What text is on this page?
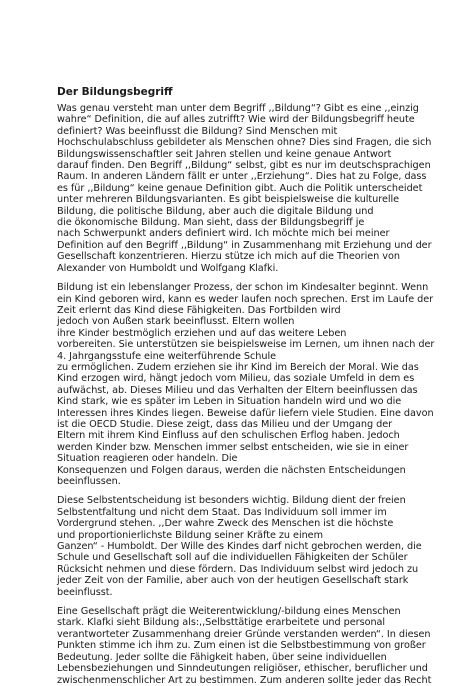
Der Bildungsbegriff
Was genau versteht man unter dem Begriff ,,Bildung“? Gibt es eine ,,einzig
wahre“ Definition, die auf alles zutrifft? Wie wird der Bildungsbegriff heute
definiert? Was beeinflusst die Bildung? Sind Menschen mit
Hochschulabschluss gebildeter als Menschen ohne? Dies sind Fragen, die sich
Bildungswissenschaftler seit Jahren stellen und keine genaue Antwort
darauf finden. Den Begriff ,,Bildung“ selbst, gibt es nur im deutschsprachigen
Raum. In anderen Ländern fällt er unter ,,Erziehung“. Dies hat zu Folge, dass
es für ,,Bildung“ keine genaue Definition gibt. Auch die Politik unterscheidet
unter mehreren Bildungsvarianten. Es gibt beispielsweise die kulturelle
Bildung, die politische Bildung, aber auch die digitale Bildung und
die ökonomische Bildung. Man sieht, dass der Bildungsbegriff je
nach Schwerpunkt anders definiert wird. Ich möchte mich bei meiner
Definition auf den Begriff ,,Bildung“ in Zusammenhang mit Erziehung und der
Gesellschaft konzentrieren. Hierzu stütze ich mich auf die Theorien von
Alexander von Humboldt und Wolfgang Klafki.
Bildung ist ein lebenslanger Prozess, der schon im Kindesalter beginnt. Wenn
ein Kind geboren wird, kann es weder laufen noch sprechen. Erst im Laufe der
Zeit erlernt das Kind diese Fähigkeiten. Das Fortbilden wird
jedoch von Außen stark beeinflusst. Eltern wollen
ihre Kinder bestmöglich erziehen und auf das weitere Leben
vorbereiten. Sie unterstützen sie beispielsweise im Lernen, um ihnen nach der
4. Jahrgangsstufe eine weiterführende Schule
zu ermöglichen. Zudem erziehen sie ihr Kind im Bereich der Moral. Wie das
Kind erzogen wird, hängt jedoch vom Milieu, das soziale Umfeld in dem es
aufwächst, ab. Dieses Milieu und das Verhalten der Eltern beeinflussen das
Kind stark, wie es später im Leben in Situation handeln wird und wo die
Interessen ihres Kindes liegen. Beweise dafür liefern viele Studien. Eine davon
ist die OECD Studie. Diese zeigt, dass das Milieu und der Umgang der
Eltern mit ihrem Kind Einfluss auf den schulischen Erflog haben. Jedoch
werden Kinder bzw. Menschen immer selbst entscheiden, wie sie in einer
Situation reagieren oder handeln. Die
Konsequenzen und Folgen daraus, werden die nächsten Entscheidungen
beeinflussen.
Diese Selbstentscheidung ist besonders wichtig. Bildung dient der freien
Selbstentfaltung und nicht dem Staat. Das Individuum soll immer im
Vordergrund stehen. ,,Der wahre Zweck des Menschen ist die höchste
und proportionierlichste Bildung seiner Kräfte zu einem
Ganzen“ - Humboldt. Der Wille des Kindes darf nicht gebrochen werden, die
Schule und Gesellschaft soll auf die individuellen Fähigkeiten der Schüler
Rücksicht nehmen und diese fördern. Das Individuum selbst wird jedoch zu
jeder Zeit von der Familie, aber auch von der heutigen Gesellschaft stark
beeinflusst.
Eine Gesellschaft prägt die Weiterentwicklung/-bildung eines Menschen
stark. Klafki sieht Bildung als:,,Selbsttätige erarbeitete und personal
verantworteter Zusammenhang dreier Gründe verstanden werden“. In diesen
Punkten stimme ich ihm zu. Zum einen ist die Selbstbestimmung von großer
Bedeutung. Jeder sollte die Fähigkeit haben, über seine individuellen
Lebensbeziehungen und Sinndeutungen religiöser, ethischer, beruflicher und
zwischenmenschlicher Art zu bestimmen. Zum anderen sollte jeder das Recht
